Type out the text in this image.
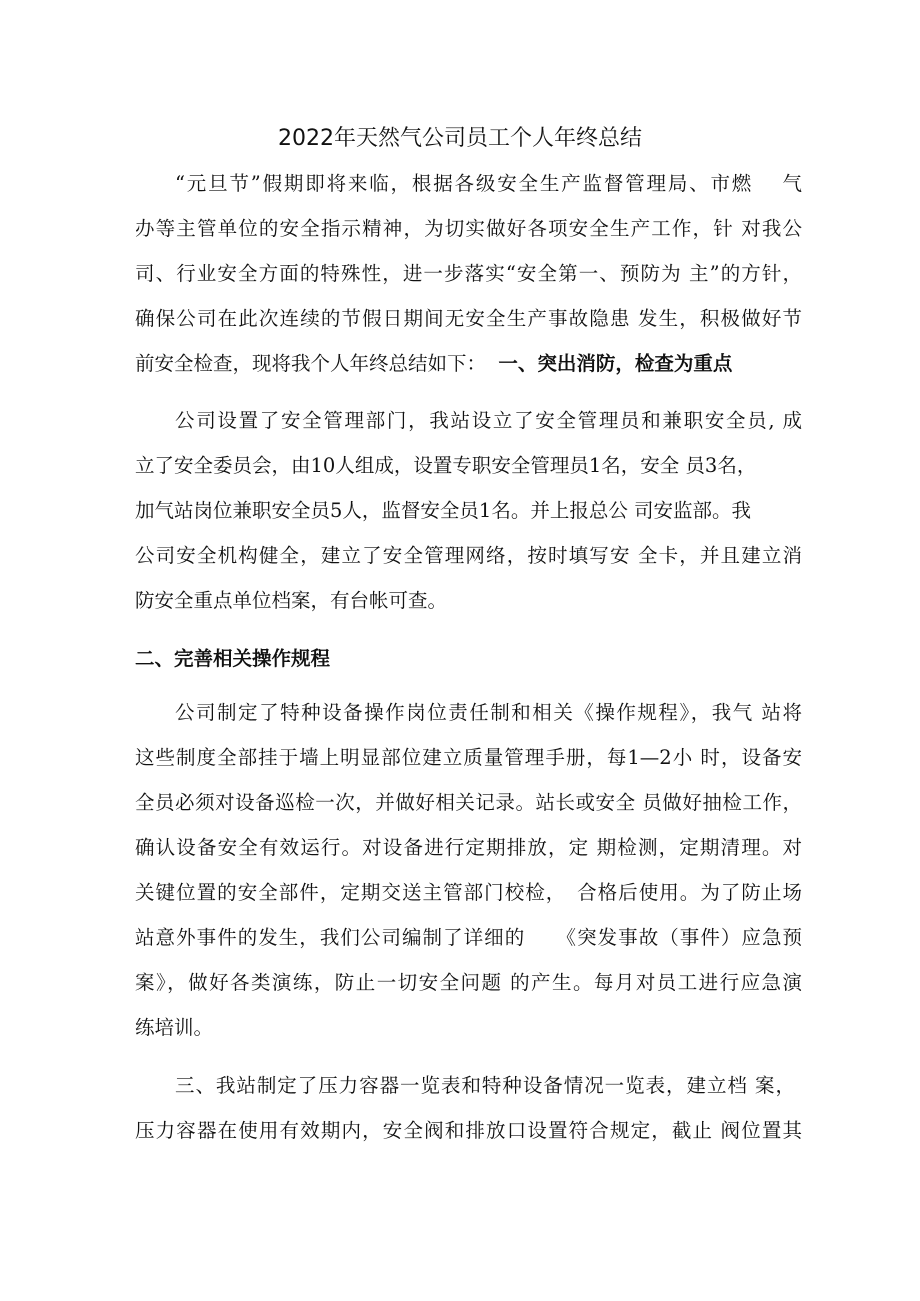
2022年天然气公司员工个人年终总结
“元旦节”假期即将来临，根据各级安全生产监督管理局、市燃　 气
办等主管单位的安全指示精神，为切实做好各项安全生产工作，针 对我公
司、行业安全方面的特殊性，进一步落实“安全第一、预防为 主”的方针，
确保公司在此次连续的节假日期间无安全生产事故隐患 发生，积极做好节
前安全检查，现将我个人年终总结如下： 一、突出消防，检查为重点
公司设置了安全管理部门，我站设立了安全管理员和兼职安全员, 成
立了安全委员会，由10人组成，设置专职安全管理员1名，安全 员3名，
加气站岗位兼职安全员5人，监督安全员1名。并上报总公 司安监部。我
公司安全机构健全，建立了安全管理网络，按时填写安 全卡，并且建立消
防安全重点单位档案，有台帐可查。
二、完善相关操作规程
公司制定了特种设备操作岗位责任制和相关《操作规程》，我气 站将
这些制度全部挂于墙上明显部位建立质量管理手册，每1—2小 时，设备安
全员必须对设备巡检一次，并做好相关记录。站长或安全 员做好抽检工作，
确认设备安全有效运行。对设备进行定期排放，定 期检测，定期清理。对
关键位置的安全部件，定期交送主管部门校检，　合格后使用。为了防止场
站意外事件的发生，我们公司编制了详细的　　《突发事故（事件）应急预
案》，做好各类演练，防止一切安全问题 的产生。每月对员工进行应急演
练培训。
三、我站制定了压力容器一览表和特种设备情况一览表，建立档 案，
压力容器在使用有效期内，安全阀和排放口设置符合规定，截止 阀位置其
